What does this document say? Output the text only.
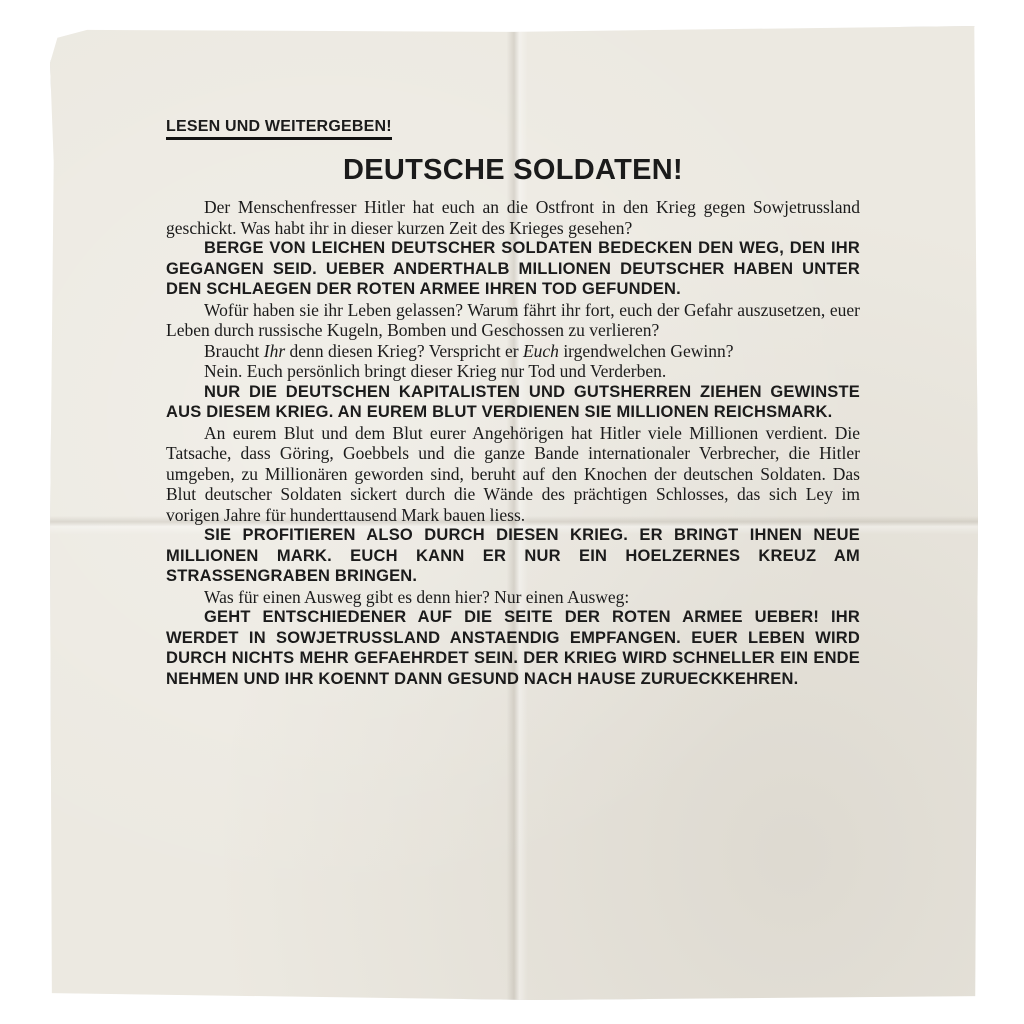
LESEN UND WEITERGEBEN!
DEUTSCHE SOLDATEN!

Der Menschenfresser Hitler hat euch an die Ostfront in den Krieg gegen Sowjetrussland geschickt. Was habt ihr in dieser kurzen Zeit des Krieges gesehen?

BERGE VON LEICHEN DEUTSCHER SOLDATEN BEDECKEN DEN WEG, DEN IHR GEGANGEN SEID. UEBER ANDERTHALB MILLIONEN DEUTSCHER HABEN UNTER DEN SCHLAEGEN DER ROTEN ARMEE IHREN TOD GEFUNDEN.

Wofür haben sie ihr Leben gelassen? Warum fährt ihr fort, euch der Gefahr auszusetzen, euer Leben durch russische Kugeln, Bomben und Geschossen zu verlieren?

Braucht Ihr denn diesen Krieg? Verspricht er Euch irgendwelchen Gewinn?

Nein. Euch persönlich bringt dieser Krieg nur Tod und Verderben.

NUR DIE DEUTSCHEN KAPITALISTEN UND GUTSHERREN ZIEHEN GEWINSTE AUS DIESEM KRIEG. AN EUREM BLUT VERDIENEN SIE MILLIONEN REICHSMARK.

An eurem Blut und dem Blut eurer Angehörigen hat Hitler viele Millionen verdient. Die Tatsache, dass Göring, Goebbels und die ganze Bande internationaler Verbrecher, die Hitler umgeben, zu Millionären geworden sind, beruht auf den Knochen der deutschen Soldaten. Das Blut deutscher Soldaten sickert durch die Wände des prächtigen Schlosses, das sich Ley im vorigen Jahre für hunderttausend Mark bauen liess.

SIE PROFITIEREN ALSO DURCH DIESEN KRIEG. ER BRINGT IHNEN NEUE MILLIONEN MARK. EUCH KANN ER NUR EIN HOELZERNES KREUZ AM STRASSENGRABEN BRINGEN.

Was für einen Ausweg gibt es denn hier? Nur einen Ausweg:

GEHT ENTSCHIEDENER AUF DIE SEITE DER ROTEN ARMEE UEBER! IHR WERDET IN SOWJETRUSSLAND ANSTAENDIG EMPFANGEN. EUER LEBEN WIRD DURCH NICHTS MEHR GEFAEHRDET SEIN. DER KRIEG WIRD SCHNELLER EIN ENDE NEHMEN UND IHR KOENNT DANN GESUND NACH HAUSE ZURUECKKEHREN.
